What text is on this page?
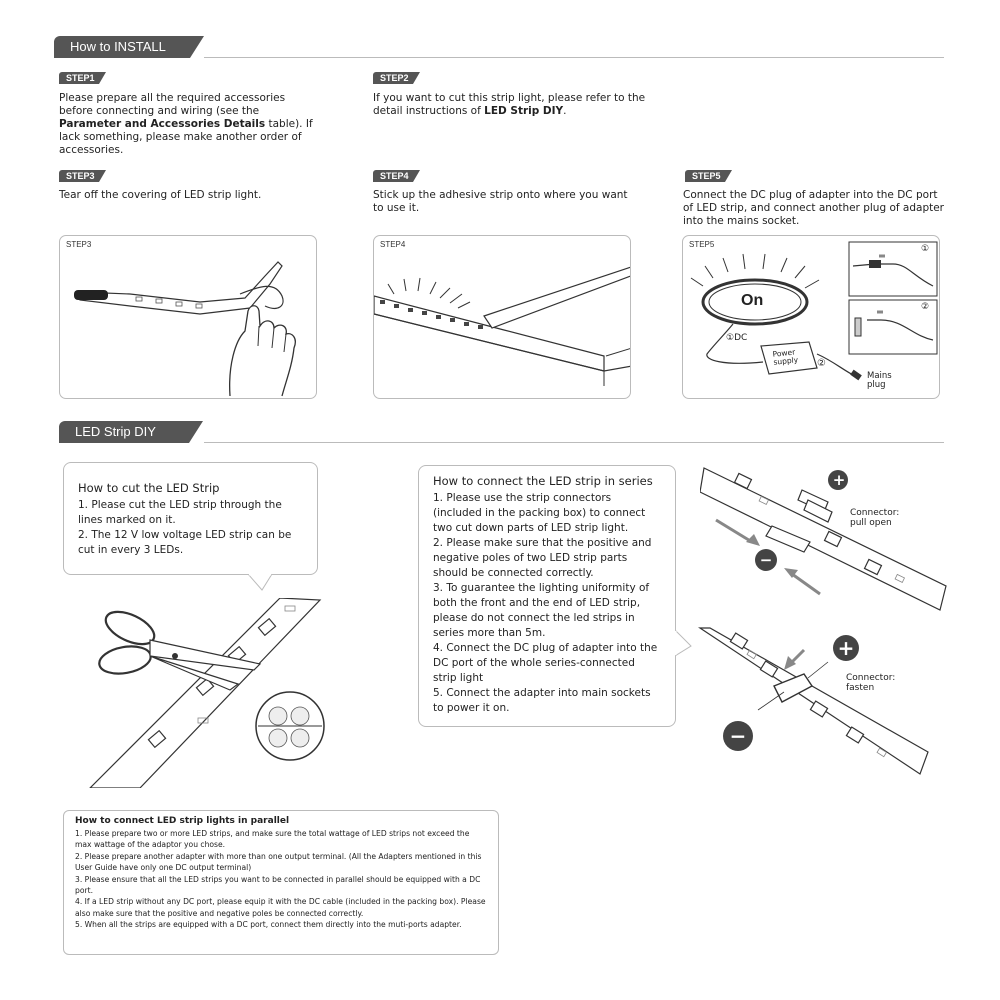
How to INSTALL
STEP1
Please prepare all the required accessories before connecting and wiring (see the Parameter and Accessories Details table). If lack something, please make another order of accessories.
STEP2
If you want to cut this strip light, please refer to the detail instructions of LED Strip DIY.
STEP3
Tear off the covering of LED strip light.
STEP4
Stick up the adhesive strip onto where you want to use it.
STEP5
Connect the DC plug of adapter into the DC port of LED strip, and connect another plug of adapter into the mains socket.
STEP3	STEP4	STEP5
On
①DC
Power supply	②
Mains plug
①
②
LED Strip DIY
How to cut the LED Strip

1. Please cut the LED strip through the lines marked on it.

2. The 12 V low voltage LED strip can be cut in every 3 LEDs.

How to connect the LED strip in series

1. Please use the strip connectors (included in the packing box) to connect two cut down parts of LED strip light.

2. Please make sure that the positive and negative poles of two LED strip parts should be connected correctly.

3. To guarantee the lighting uniformity of both the front and the end of LED strip, please do not connect the led strips in series more than 5m.

4. Connect the DC plug of adapter into the DC port of the whole series-connected strip light

5. Connect the adapter into main sockets to power it on.

+
−
Connector: pull open
+
−
Connector: fasten
How to connect LED strip lights in parallel

1. Please prepare two or more LED strips, and make sure the total wattage of LED strips not exceed the max wattage of the adaptor you chose.

2. Please prepare another adapter with more than one output terminal. (All the Adapters mentioned in this User Guide have only one DC output terminal)

3. Please ensure that all the LED strips you want to be connected in parallel should be equipped with a DC port.

4. If a LED strip without any DC port, please equip it with the DC cable (included in the packing box). Please also make sure that the positive and negative poles be connected correctly.

5. When all the strips are equipped with a DC port, connect them directly into the muti-ports adapter.
